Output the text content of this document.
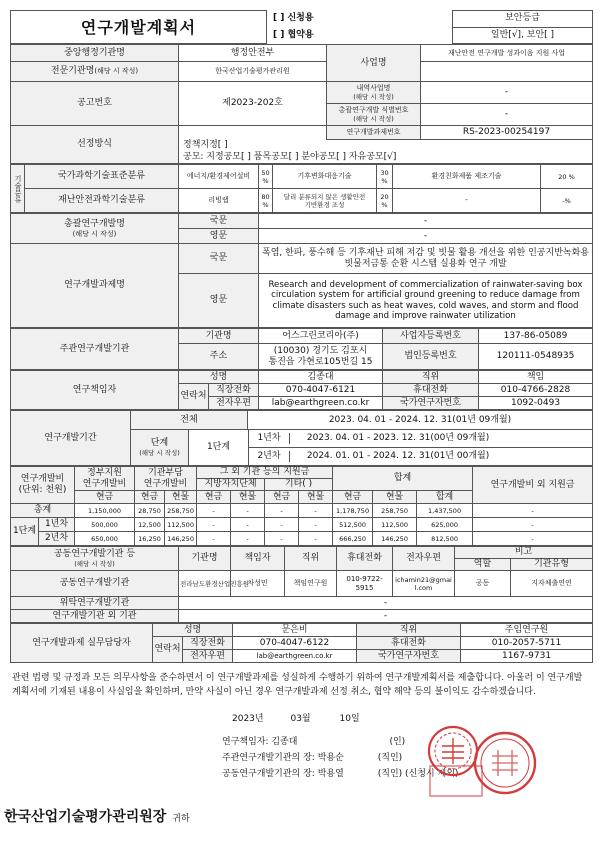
연구개발계획서	[ ] 신청용	보안등급
	[ ] 협약용	일반[√], 보안[ ]
중앙행정기관명	행정안전부	사업명	재난안전 연구개발 성과이음 지원 사업
전문기관명(해당 시 작성)	한국산업기술평가관리원		
공고번호	제2023-202호	내역사업명
(해당 시 작성)	-

		총괄연구개발 식별번호
(해당 시 작성)	-
선정방식		연구개발과제번호	RS-2023-00254197
	정책지정[ ]		
	공모: 지정공모[ ] 품목공모[ ] 분야공모[ ] 자유공모[√]		
기술분류	국가과학기술표준분류	에너지/환경제어설비	50 %	기후변화대응기술	30 %	환경친화제품 제조기술	20 %
	재난안전과학기술분류	리빙랩	80 %	달리 분류되지 않은 생활안전 기반환경 조성	20 %	-	-%
총괄연구개발명
(해당 시 작성)	국문	-
	영문	-
연구개발과제명	국문	폭염, 한파, 풍수해 등 기후재난 피해 저감 및 빗물 활용 개선을 위한 인공지반녹화용 빗물저금통 순환 시스템 실용화 연구 개발
	영문	Research and development of commercialization of rainwater-saving box circulation system for artificial ground greening to reduce damage from climate disasters such as heat waves, cold waves, and storm and flood damage and improve rainwater utilization
주관연구개발기관	기관명	어스그린코리아(주)	사업자등록번호	137-86-05089
	주소	(10030) 경기도 김포시 통진읍 가현로105번길 15	법인등록번호	120111-0548935
연구책임자	성명		김종대	직위	책임
	연락처	직장전화	070-4047-6121	휴대전화	010-4766-2828
		전자우편	lab@earthgreen.co.kr	국가연구자번호	1092-0493
연구개발기간	전체 2023. 04. 01 - 2024. 12. 31(01년 09개월)		

	단계
(해당 시 작성)	1단계	1년차 2023. 04. 01 - 2023. 12. 31(00년 09개월)
			2년차 2024. 01. 01 - 2024. 12. 31(01년 00개월)
연구개발비
(단위: 천원)		정부지원 연구개발비	기관부담 연구개발비		그 외 기관 등의 지원금				합계			연구개발비 외 지원금
					지방자치단체		기타( )					
		현금	현금	현물	현금	현물	현금	현물	현금	현물	합계	
총계		1,150,000	28,750	258,750	-	-	-	-	1,178,750	258,750	1,437,500	-
1단계	1년차	500,000	12,500	112,500	-	-	-	-	512,500	112,500	625,000	-
	2년차	650,000	16,250	146,250	-	-	-	-	666,250	146,250	812,500	-
공동연구개발기관 등
(해당 시 작성)	기관명	책임자	직위	휴대전화	전자우편	비고	
						역할	기관유형
공동연구개발기관	전라남도환경산업진흥원	차성민	책임연구원	010-9722-5915	ichamin21@gmail.com	공동	지자체출연연
위탁연구개발기관	-						
연구개발기관 외 기관	-						
연구개발과제 실무담당자	성명		문은비	직위	주임연구원
	연락처	직장전화	070-4047-6122	휴대전화	010-2057-5711
		전자우편	lab@earthgreen.co.kr	국가연구자번호	1167-9731
관련 법령 및 규정과 모든 의무사항을 준수하면서 이 연구개발과제를 성실하게 수행하기 위하여 연구개발계획서를 제출합니다. 아울러 이 연구개발계획서에 기재된 내용이 사실임을 확인하며, 만약 사실이 아닌 경우 연구개발과제 선정 취소, 협약 해약 등의 불이익도 감수하겠습니다.
2023년	03월	10일
연구책임자: 김종대	(인)
주관연구개발기관의 장: 박용순	(직인)
공동연구개발기관의 장: 박용열	(직인) (신청시 제외)
한국산업기술평가관리원장 귀하
